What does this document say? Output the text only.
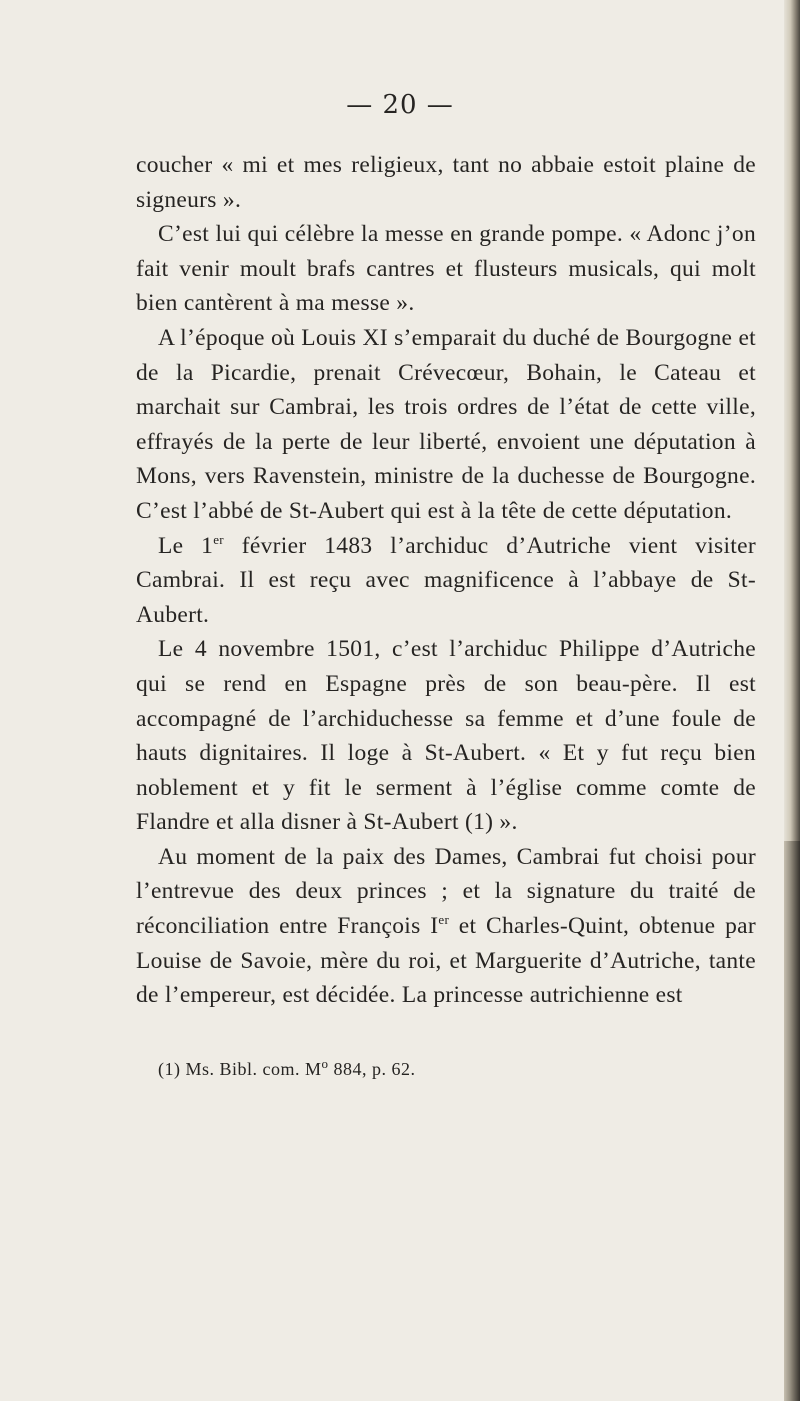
— 20 —

coucher « mi et mes religieux, tant no abbaie estoit plaine de signeurs ».

C’est lui qui célèbre la messe en grande pompe. « Adonc j’on fait venir moult brafs cantres et flusteurs musicals, qui molt bien cantèrent à ma messe ».

A l’époque où Louis XI s’emparait du duché de Bourgogne et de la Picardie, prenait Crévecœur, Bohain, le Cateau et marchait sur Cambrai, les trois ordres de l’état de cette ville, effrayés de la perte de leur liberté, envoient une députation à Mons, vers Ravenstein, ministre de la duchesse de Bourgogne. C’est l’abbé de St-Aubert qui est à la tête de cette députation.

Le 1er février 1483 l’archiduc d’Autriche vient visiter Cambrai. Il est reçu avec magnificence à l’abbaye de St-Aubert.

Le 4 novembre 1501, c’est l’archiduc Philippe d’Autriche qui se rend en Espagne près de son beau-père. Il est accompagné de l’archiduchesse sa femme et d’une foule de hauts dignitaires. Il loge à St-Aubert. « Et y fut reçu bien noblement et y fit le serment à l’église comme comte de Flandre et alla disner à St-Aubert (1) ».

Au moment de la paix des Dames, Cambrai fut choisi pour l’entrevue des deux princes ; et la signature du traité de réconciliation entre François Ier et Charles-Quint, obtenue par Louise de Savoie, mère du roi, et Marguerite d’Autriche, tante de l’empereur, est décidée. La princesse autrichienne est

(1) Ms. Bibl. com. $M^o$ 884, p. 62.
